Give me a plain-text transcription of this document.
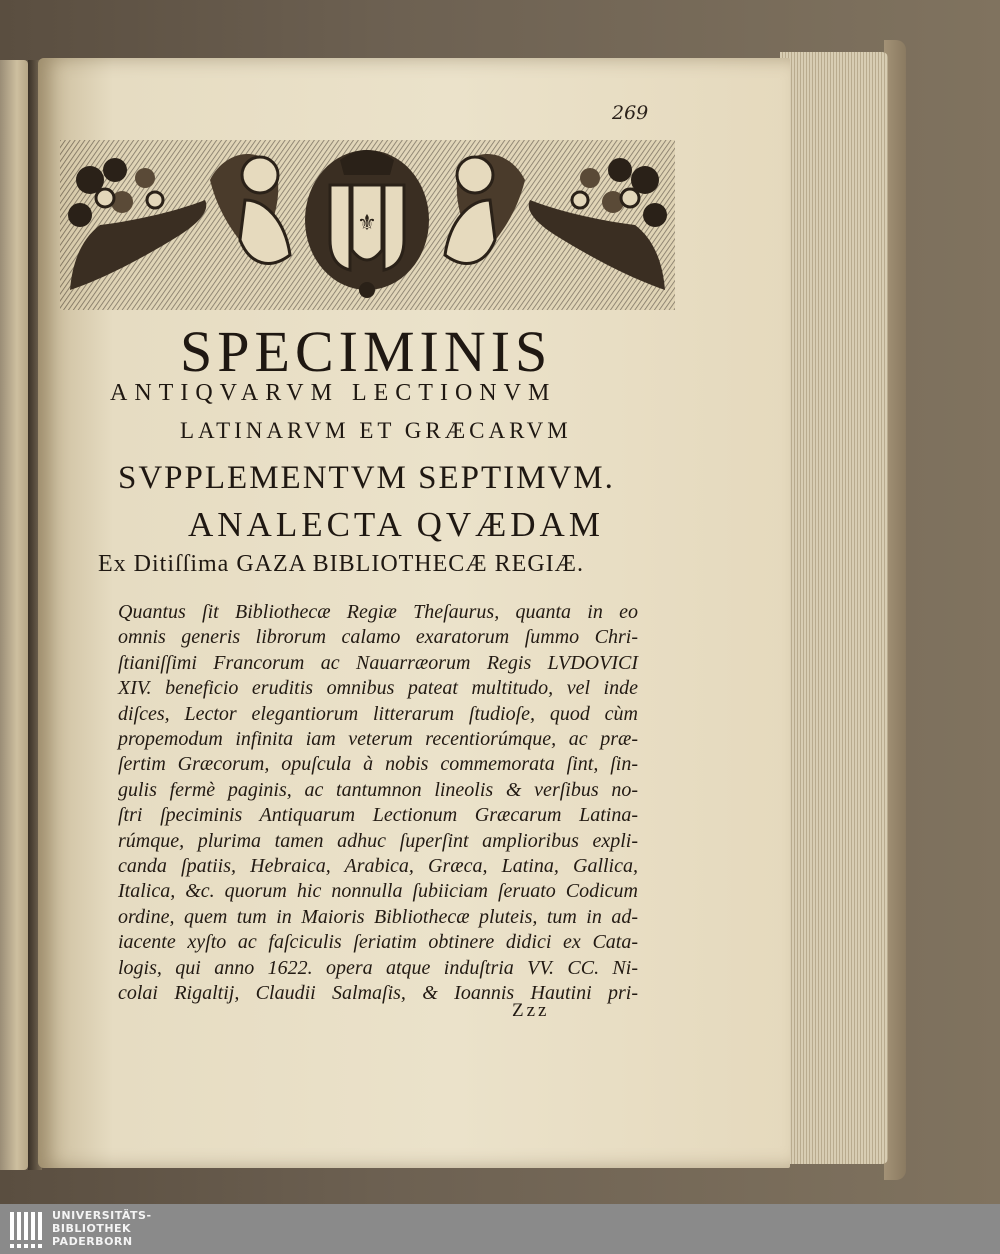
269
⚜
SPECIMINIS
ANTIQVARVM LECTIONVM
LATINARVM ET GRÆCARVM
SVPPLEMENTVM SEPTIMVM.
ANALECTA QVÆDAM
Ex Ditiſſima GAZA BIBLIOTHECÆ REGIÆ.
Quantus ſit Bibliothecæ Regiæ Theſaurus, quanta in eo
omnis generis librorum calamo exaratorum ſummo Chri-
ſtianiſſimi Francorum ac Nauarræorum Regis LVDOVICI
XIV. beneficio eruditis omnibus pateat multitudo, vel inde
diſces, Lector elegantiorum litterarum ſtudioſe, quod cùm
propemodum infinita iam veterum recentiorúmque, ac præ-
ſertim Græcorum, opuſcula à nobis commemorata ſint, ſin-
gulis fermè paginis, ac tantumnon lineolis & verſibus no-
ſtri ſpeciminis Antiquarum Lectionum Græcarum Latina-
rúmque, plurima tamen adhuc ſuperſint amplioribus expli-
canda ſpatiis, Hebraica, Arabica, Græca, Latina, Gallica,
Italica, &c. quorum hic nonnulla ſubiiciam ſeruato Codicum
ordine, quem tum in Maioris Bibliothecæ pluteis, tum in ad-
iacente xyſto ac faſciculis ſeriatim obtinere didici ex Cata-
logis, qui anno 1622. opera atque induſtria VV. CC. Ni-
colai Rigaltij, Claudii Salmaſis, & Ioannis Hautini pri-
Zzz
UNIVERSITÄTS-
BIBLIOTHEK
PADERBORN
